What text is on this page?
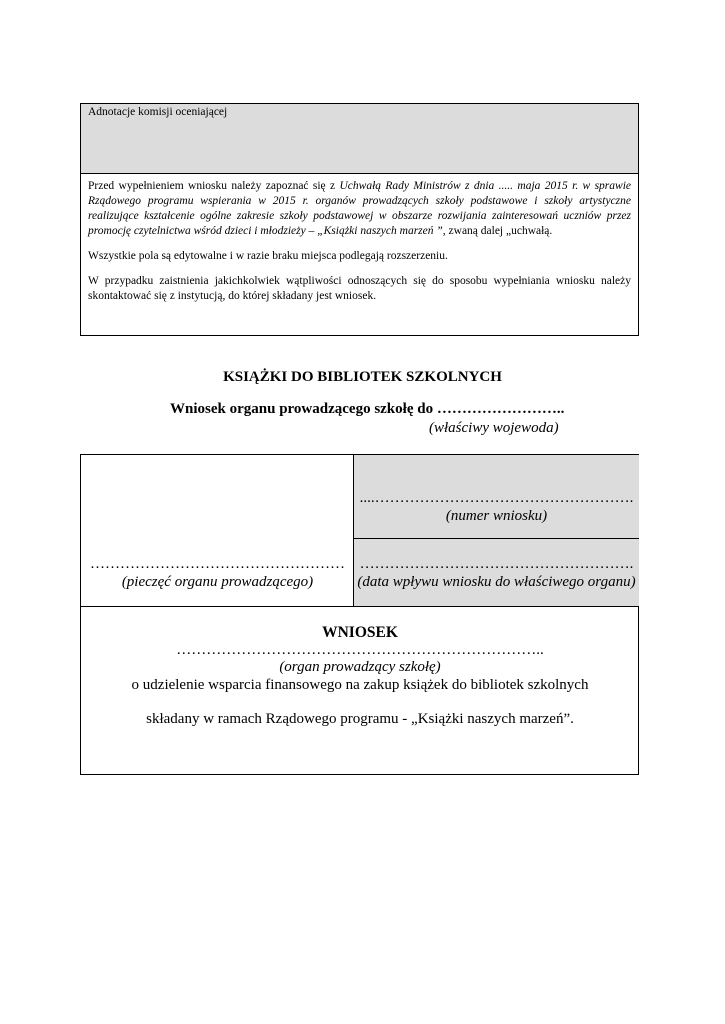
Adnotacje komisji oceniającej

Przed wypełnieniem wniosku należy zapoznać się z Uchwałą Rady Ministrów z dnia ..... maja 2015 r. w sprawie Rządowego programu wspierania w 2015 r. organów prowadzących szkoły podstawowe i szkoły artystyczne realizujące kształcenie ogólne zakresie szkoły podstawowej w obszarze rozwijania zainteresowań uczniów przez promocję czytelnictwa wśród dzieci i młodzieży – „Książki naszych marzeń ”, zwaną dalej „uchwałą.

Wszystkie pola są edytowalne i w razie braku miejsca podlegają rozszerzeniu.

W przypadku zaistnienia jakichkolwiek wątpliwości odnoszących się do sposobu wypełniania wniosku należy skontaktować się z instytucją, do której składany jest wniosek.

KSIĄŻKI DO BIBLIOTEK SZKOLNYCH
Wniosek organu prowadzącego szkołę do ……………………..
(właściwy wojewoda)
……………………………………………
(pieczęć organu prowadzącego)
....…………………………………………….
(numer wniosku)
……………………………………………….
(data wpływu wniosku do właściwego organu)
WNIOSEK
………………………………………………………………..
(organ prowadzący szkołę)
o udzielenie wsparcia finansowego na zakup książek do bibliotek szkolnych
składany w ramach Rządowego programu - „Książki naszych marzeń”.
